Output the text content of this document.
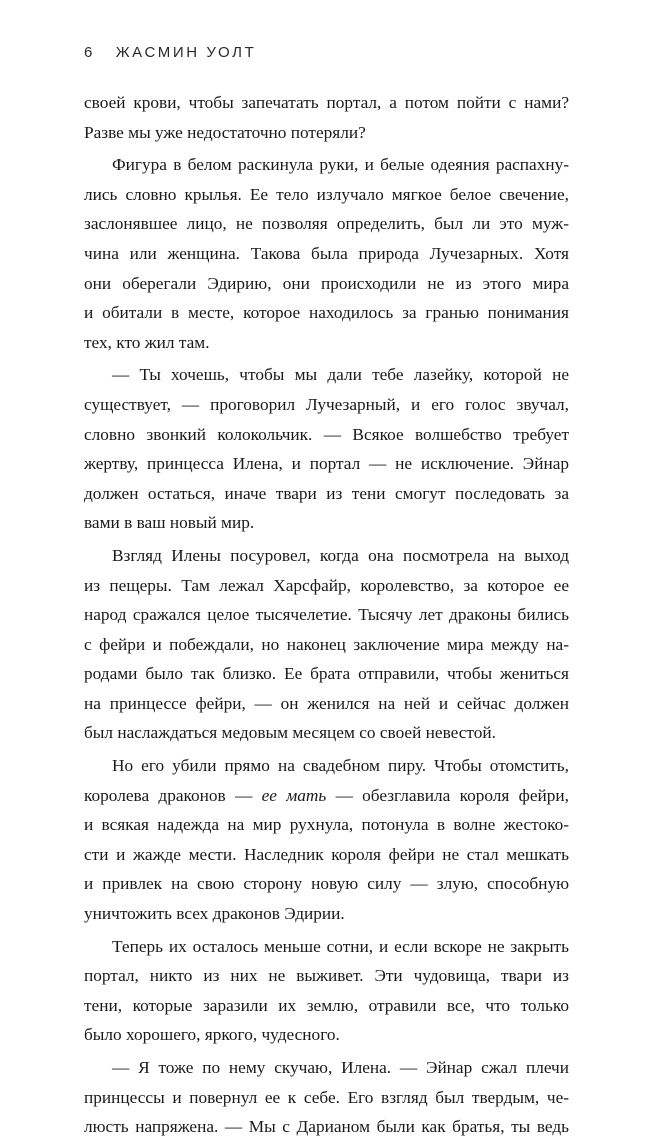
6 ЖАСМИН УОЛТ

своей крови, чтобы запечатать портал, а потом пойти с нами?
Разве мы уже недостаточно потеряли?

Фигура в белом раскинула руки, и белые одеяния распахну-
лись словно крылья. Ее тело излучало мягкое белое свечение,
заслонявшее лицо, не позволяя определить, был ли это муж-
чина или женщина. Такова была природа Лучезарных. Хотя
они оберегали Эдирию, они происходили не из этого мира
и обитали в месте, которое находилось за гранью понимания
тех, кто жил там.

— Ты хочешь, чтобы мы дали тебе лазейку, которой не
существует, — проговорил Лучезарный, и его голос звучал,
словно звонкий колокольчик. — Всякое волшебство требует
жертву, принцесса Илена, и портал — не исключение. Эйнар
должен остаться, иначе твари из тени смогут последовать за
вами в ваш новый мир.

Взгляд Илены посуровел, когда она посмотрела на выход
из пещеры. Там лежал Харсфайр, королевство, за которое ее
народ сражался целое тысячелетие. Тысячу лет драконы бились
с фейри и побеждали, но наконец заключение мира между на-
родами было так близко. Ее брата отправили, чтобы жениться
на принцессе фейри, — он женился на ней и сейчас должен
был наслаждаться медовым месяцем со своей невестой.

Но его убили прямо на свадебном пиру. Чтобы отомстить,
королева драконов — ее мать — обезглавила короля фейри,
и всякая надежда на мир рухнула, потонула в волне жестоко-
сти и жажде мести. Наследник короля фейри не стал мешкать
и привлек на свою сторону новую силу — злую, способную
уничтожить всех драконов Эдирии.

Теперь их осталось меньше сотни, и если вскоре не закрыть
портал, никто из них не выживет. Эти чудовища, твари из
тени, которые заразили их землю, отравили все, что только
было хорошего, яркого, чудесного.

— Я тоже по нему скучаю, Илена. — Эйнар сжал плечи
принцессы и повернул ее к себе. Его взгляд был твердым, че-
люсть напряжена. — Мы с Дарианом были как братья, ты ведь
